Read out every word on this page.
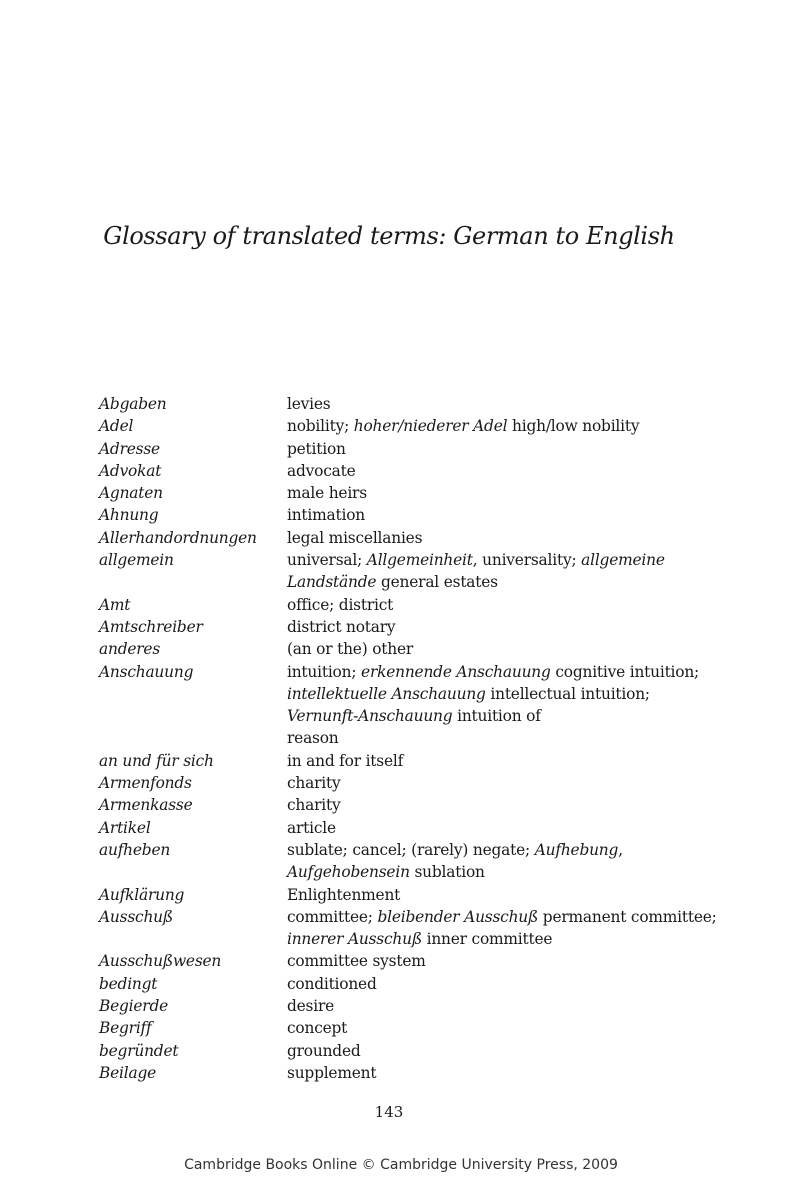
Glossary of translated terms: German to English
Abgaben	levies
Adel	nobility; hoher/niederer Adel high/low nobility
Adresse	petition
Advokat	advocate
Agnaten	male heirs
Ahnung	intimation
Allerhandordnungen	legal miscellanies
allgemein	universal; Allgemeinheit, universality; allgemeine
Landstände general estates
Amt	office; district
Amtschreiber	district notary
anderes	(an or the) other
Anschauung	intuition; erkennende Anschauung cognitive intuition;
intellektuelle Anschauung intellectual intuition;
Vernunft-Anschauung intuition of
reason
an und für sich	in and for itself
Armenfonds	charity
Armenkasse	charity
Artikel	article
aufheben	sublate; cancel; (rarely) negate; Aufhebung,
Aufgehobensein sublation
Aufklärung	Enlightenment
Ausschuß	committee; bleibender Ausschuß permanent committee;
innerer Ausschuß inner committee
Ausschußwesen	committee system
bedingt	conditioned
Begierde	desire
Begriff	concept
begründet	grounded
Beilage	supplement
143
Cambridge Books Online © Cambridge University Press, 2009
